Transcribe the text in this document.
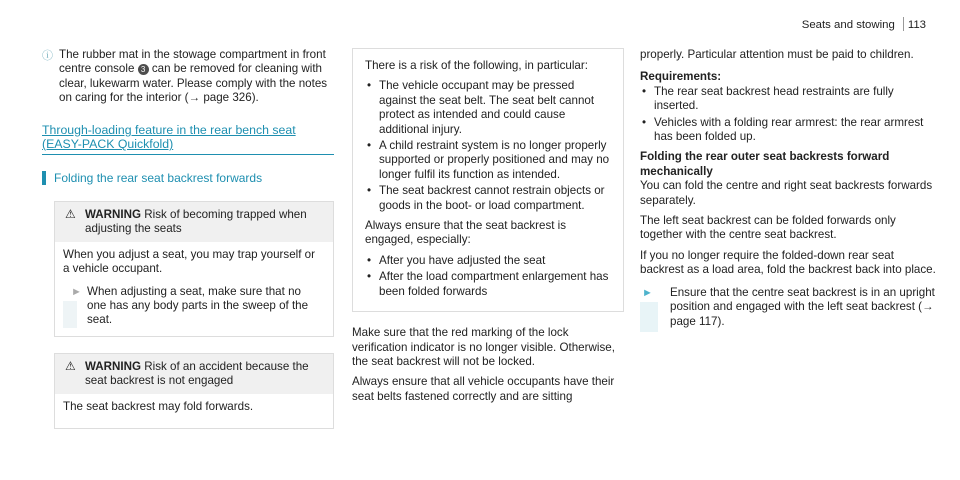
Seats and stowing 113

ⓘ The rubber mat in the stowage compartment in front centre console 3 can be removed for cleaning with clear, lukewarm water. Please comply with the notes on caring for the interior (→ page 326).

Through-loading feature in the rear bench seat
(EASY-PACK Quickfold)
Folding the rear seat backrest forwards
⚠ WARNING Risk of becoming trapped when adjusting the seats

When you adjust a seat, you may trap yourself or a vehicle occupant.

► When adjusting a seat, make sure that no one has any body parts in the sweep of the seat.
⚠ WARNING Risk of an accident because the seat backrest is not engaged

The seat backrest may fold forwards.

There is a risk of the following, in particular:

• The vehicle occupant may be pressed against the seat belt. The seat belt cannot protect as intended and could cause additional injury.
• A child restraint system is no longer properly supported or properly positioned and may no longer fulfil its function as intended.
• The seat backrest cannot restrain objects or goods in the boot- or load compartment.

Always ensure that the seat backrest is engaged, especially:

• After you have adjusted the seat
• After the load compartment enlargement has been folded forwards

Make sure that the red marking of the lock verification indicator is no longer visible. Otherwise, the seat backrest will not be locked.

Always ensure that all vehicle occupants have their seat belts fastened correctly and are sitting

properly. Particular attention must be paid to children.

Requirements:
• The rear seat backrest head restraints are fully inserted.
• Vehicles with a folding rear armrest: the rear armrest has been folded up.
Folding the rear outer seat backrests forward mechanically

You can fold the centre and right seat backrests forwards separately.

The left seat backrest can be folded forwards only together with the centre seat backrest.

If you no longer require the folded-down rear seat backrest as a load area, fold the backrest back into place.

► Ensure that the centre seat backrest is in an upright position and engaged with the left seat backrest (→ page 117).
